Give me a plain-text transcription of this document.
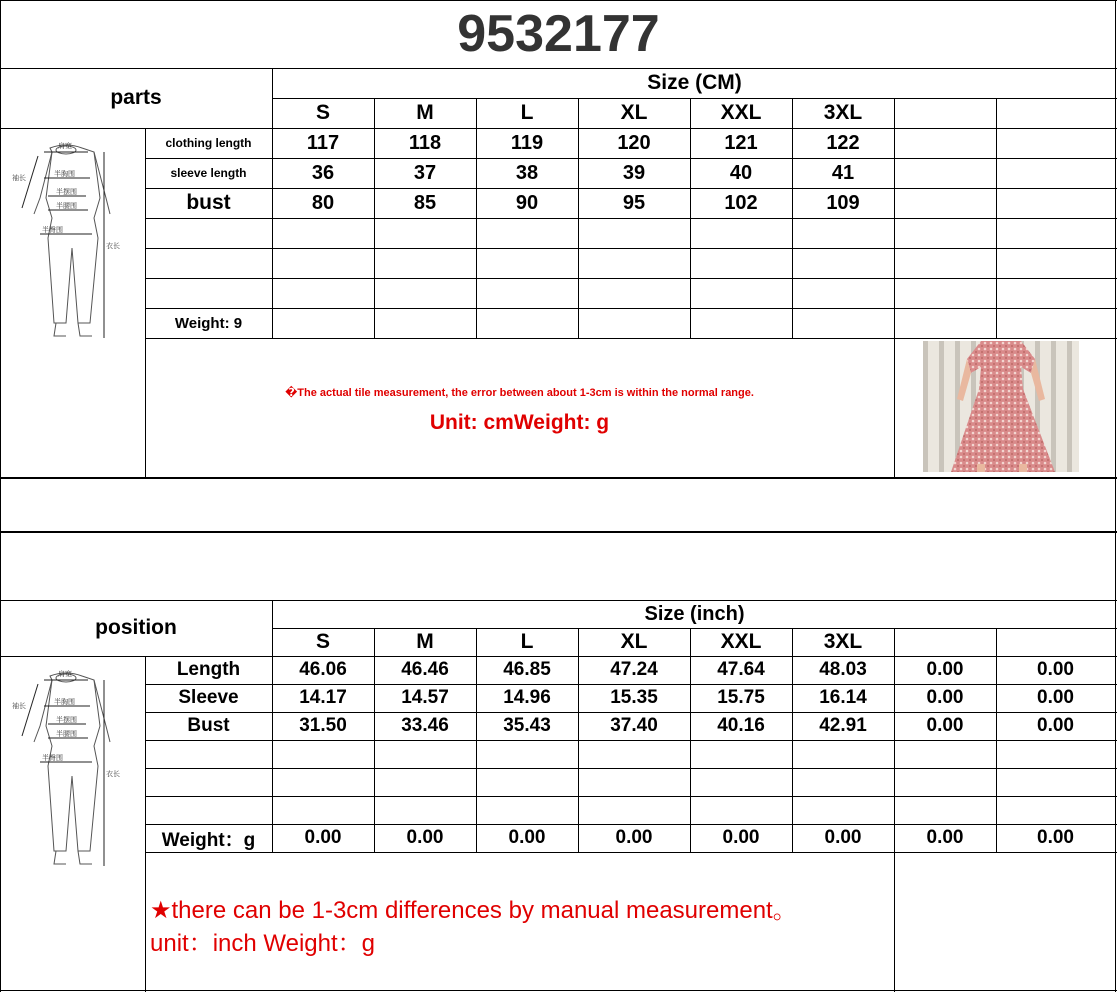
9532177
parts
Size (CM)
S	M	L	XL	XXL	3XL
clothing length	117	118	119	120	121	122
sleeve length	36	37	38	39	40	41
bust	80	85	90	95	102	109
Weight: 9
�The actual tile measurement, the error between about 1-3cm is within the normal range.
Unit: cmWeight: g
肩宽
半胸围
半摆围
半腰围
半臀围
袖长
衣长
position
Size (inch)
S	M	L	XL	XXL	3XL
Length	46.06	46.46	46.85	47.24	47.64	48.03	0.00	0.00
Sleeve	14.17	14.57	14.96	15.35	15.75	16.14	0.00	0.00
Bust	31.50	33.46	35.43	37.40	40.16	42.91	0.00	0.00
Weight：g	0.00	0.00	0.00	0.00	0.00	0.00	0.00	0.00
★there can be 1-3cm differences by manual measurement。
unit：inch Weight：g
肩宽
半胸围
半摆围
半腰围
半臀围
袖长
衣长
